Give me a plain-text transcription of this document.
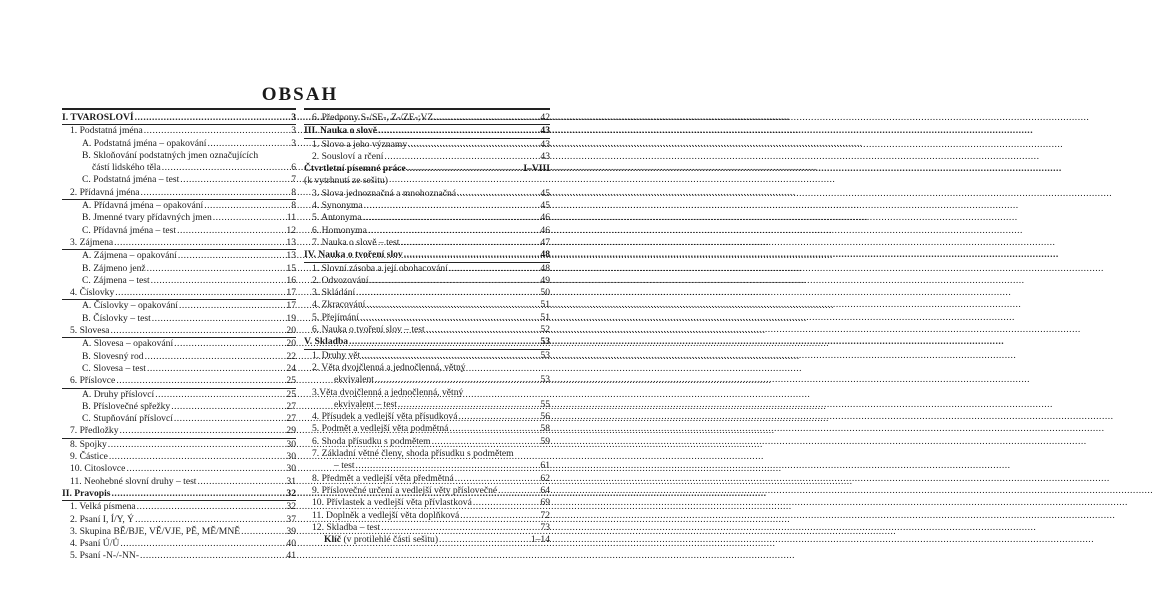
OBSAH
I. TVAROSLOVÍ .....	3
1. Podstatná jména .....	3
A. Podstatná jména – opakování .....	3
B. Skloňování podstatných jmen označujících
částí lidského těla .....	6
C. Podstatná jména – test .....	7
2. Přídavná jména .....	8
A. Přídavná jména – opakování .....	8
B. Jmenné tvary přídavných jmen .....	11
C. Přídavná jména – test .....	12
3. Zájmena .....	13
A. Zájmena – opakování .....	13
B. Zájmeno jenž .....	15
C. Zájmena – test .....	16
4. Číslovky .....	17
A. Číslovky – opakování .....	17
B. Číslovky – test .....	19
5. Slovesa .....	20
A. Slovesa – opakování .....	20
B. Slovesný rod .....	22
C. Slovesa – test .....	24
6. Příslovce .....	25
A. Druhy příslovcí .....	25
B. Příslovečné spřežky .....	27
C. Stupňování příslovcí .....	27
7. Předložky .....	29
8. Spojky .....	30
9. Částice .....	30
10. Citoslovce .....	30
11. Neohebné slovní druhy – test .....	31
II. Pravopis .....	32
1. Velká písmena .....	32
2. Psaní I, Í/Y, Ý .....	37
3. Skupina BĚ/BJE, VĚ/VJE, PĚ, MĚ/MNĚ .....	39
4. Psaní Ú/Ů .....	40
5. Psaní -N-/-NN- .....	41
6. Předpony S-/SE-, Z-/ZE-;VZ .....	42
III. Nauka o slově .....	43
1. Slovo a jeho významy .....	43
2. Sousloví a rčení .....	43
Čtvrtletní písemné práce .....	I–VIII
(k vytrhnutí ze sešitu)
3. Slova jednoznačná a mnohoznačná .....	45
4. Synonyma .....	45
5. Antonyma .....	46
6. Homonyma .....	46
7. Nauka o slově – test .....	47
IV. Nauka o tvoření slov .....	48
1. Slovní zásoba a její obohacování .....	48
2. Odvozování .....	49
3. Skládání .....	50
4. Zkracování .....	51
5. Přejímání .....	51
6. Nauka o tvoření slov – test .....	52
V. Skladba .....	53
1. Druhy vět .....	53
2. Věta dvojčlenná a jednočlenná, větný
ekvivalent .....	53
3.Věta dvojčlenná a jednočlenná, větný
ekvivalent – test .....	55
4. Přísudek a vedlejší věta přísudková .....	56
5. Podmět a vedlejší věta podmětná .....	58
6. Shoda přísudku s podmětem .....	59
7. Základní větné členy, shoda přísudku s podmětem
– test .....	61
8. Předmět a vedlejší věta předmětná .....	62
9. Příslovečné určení a vedlejší věty příslovečné .....	64
10. Přívlastek a vedlejší věta přívlastková .....	69
11. Doplněk a vedlejší věta doplňková .....	72
12. Skladba – test .....	73
Klíč (v protilehlé části sešitu) .....	1–14
